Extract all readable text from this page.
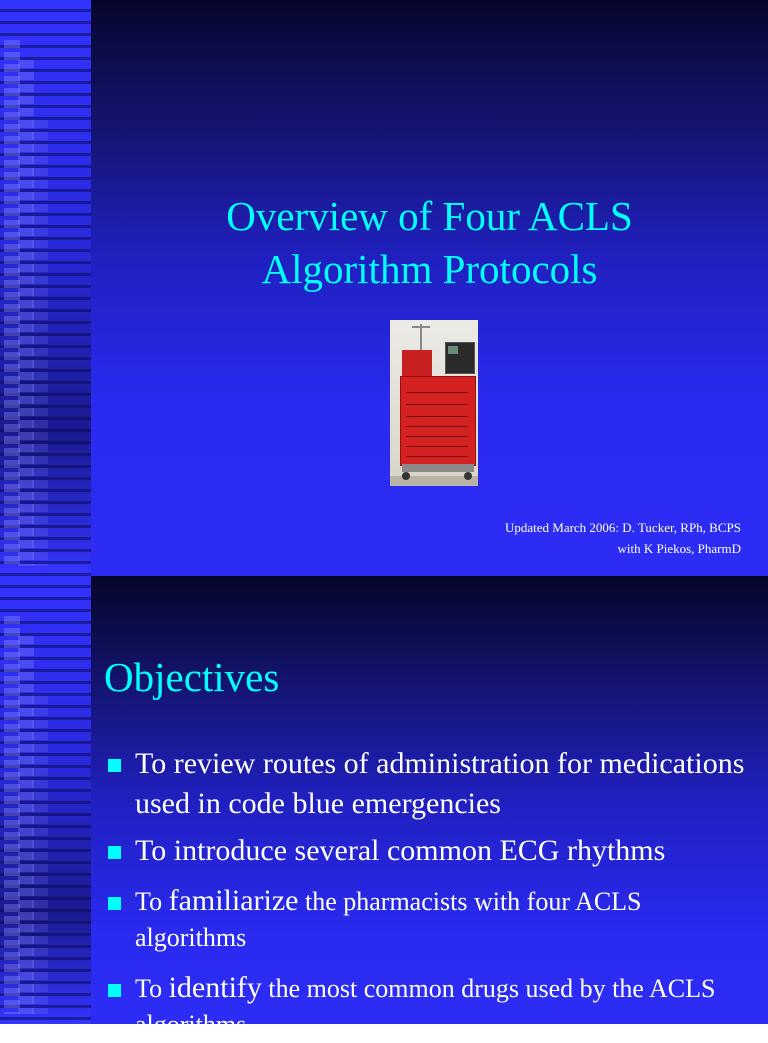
Overview of Four ACLS
Algorithm Protocols
Updated March 2006: D. Tucker, RPh, BCPS
with K Piekos, PharmD
Objectives
To review routes of administration for medications used in code blue emergencies
To introduce several common ECG rhythms
To familiarize the pharmacists with four ACLS algorithms
To identify the most common drugs used by the ACLS algorithms
